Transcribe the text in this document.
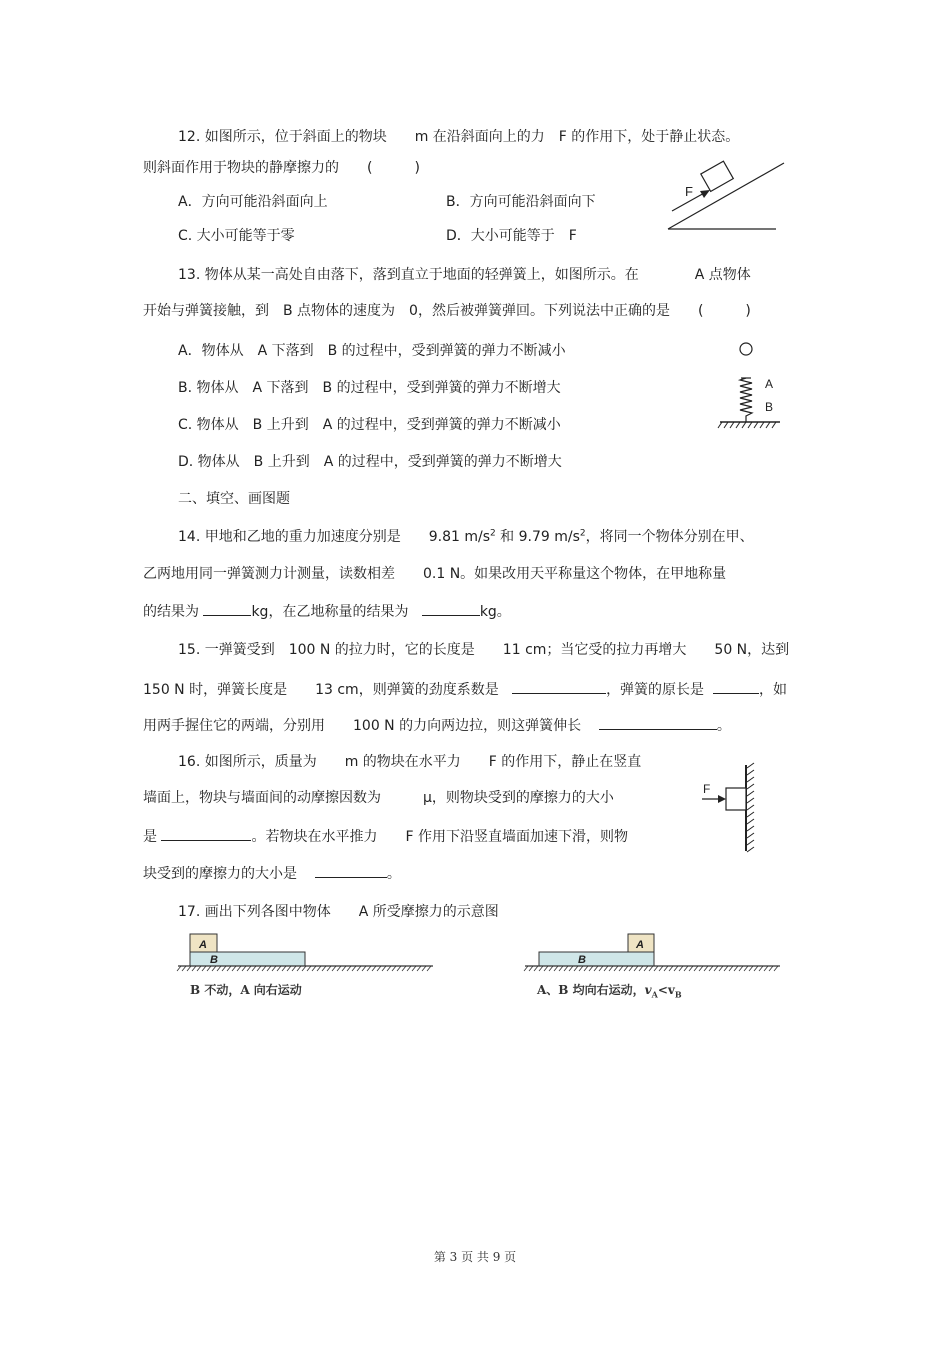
12. 如图所示，位于斜面上的物块　　m 在沿斜面向上的力　F 的作用下，处于静止状态。
则斜面作用于物块的静摩擦力的　　(　　　)
A．方向可能沿斜面向上	B．方向可能沿斜面向下
C. 大小可能等于零	D．大小可能等于　F
F
13. 物体从某一高处自由落下，落到直立于地面的轻弹簧上，如图所示。在　　　　A 点物体
开始与弹簧接触，到　B 点物体的速度为　0，然后被弹簧弹回。下列说法中正确的是　　(　　　)
A．物体从　A 下落到　B 的过程中，受到弹簧的弹力不断减小
B. 物体从　A 下落到　B 的过程中，受到弹簧的弹力不断增大
C. 物体从　B 上升到　A 的过程中，受到弹簧的弹力不断减小
D. 物体从　B 上升到　A 的过程中，受到弹簧的弹力不断增大
A
B
二、填空、画图题
14. 甲地和乙地的重力加速度分别是　　9.81 $m/s^2$ 和 9.79 $m/s^2$，将同一个物体分别在甲、
乙两地用同一弹簧测力计测量，读数相差　　0.1 N。如果改用天平称量这个物体，在甲地称量
的结果为	kg，在乙地称量的结果为	kg。
15. 一弹簧受到　100 N 的拉力时，它的长度是　　11 cm；当它受的拉力再增大　　50 N，达到
150 N 时，弹簧长度是　　13 cm，则弹簧的劲度系数是	，弹簧的原长是	，如
用两手握住它的两端，分别用　　100 N 的力向两边拉，则这弹簧伸长	。
16. 如图所示，质量为　　m 的物块在水平力　　F 的作用下，静止在竖直
墙面上，物块与墙面间的动摩擦因数为　　　μ，则物块受到的摩擦力的大小
是	。若物块在水平推力　　F 作用下沿竖直墙面加速下滑，则物
块受到的摩擦力的大小是	。
F
17. 画出下列各图中物体　　A 所受摩擦力的示意图
A
B
B 不动，A 向右运动
A
B
A、B 均向右运动，$v_A<v_B$
第 3 页 共 9 页
